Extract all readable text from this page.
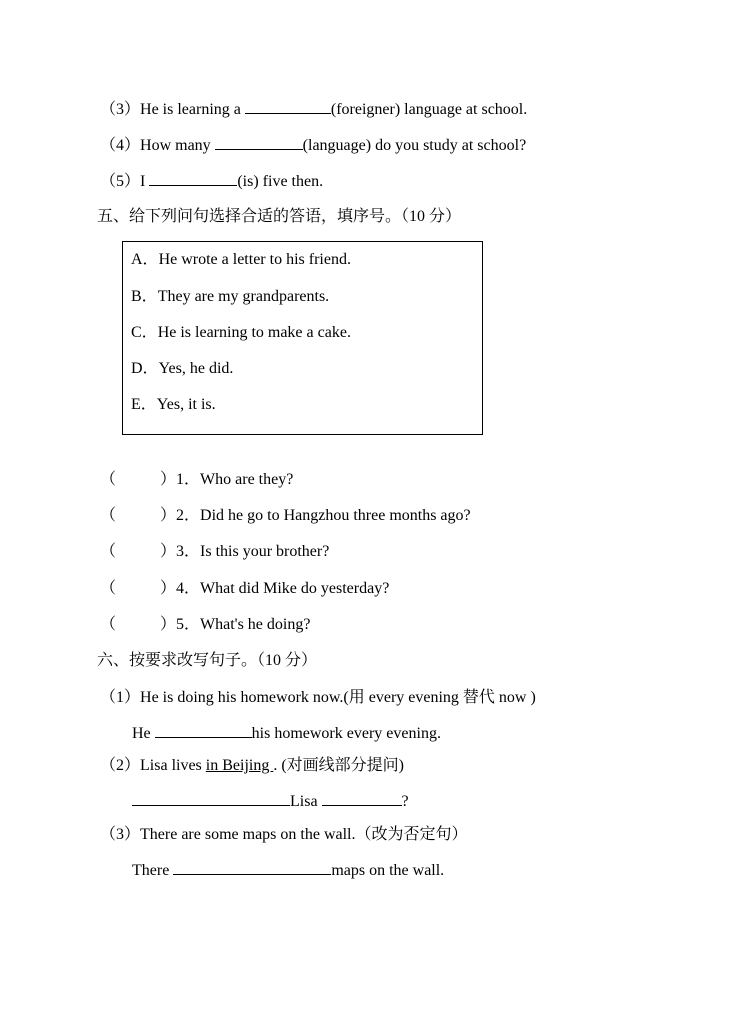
（3）He is learning a	(foreigner) language at school.
（4）How many	(language) do you study at school?
（5）I	(is) five then.
五、给下列问句选择合适的答语，填序号。（10 分）
A．He wrote a letter to his friend.
B．They are my grandparents.
C．He is learning to make a cake.
D．Yes, he did.
E．Yes, it is.
（	）1．Who are they?
（	）2．Did he go to Hangzhou three months ago?
（	）3．Is this your brother?
（	）4．What did Mike do yesterday?
（	）5．What's he doing?
六、按要求改写句子。（10 分）
（1）He is doing his homework now.(用 every evening 替代 now )
He	his homework every evening.
（2）Lisa lives in Beijing . (对画线部分提问)
Lisa	?
（3）There are some maps on the wall.（改为否定句）
There	maps on the wall.
